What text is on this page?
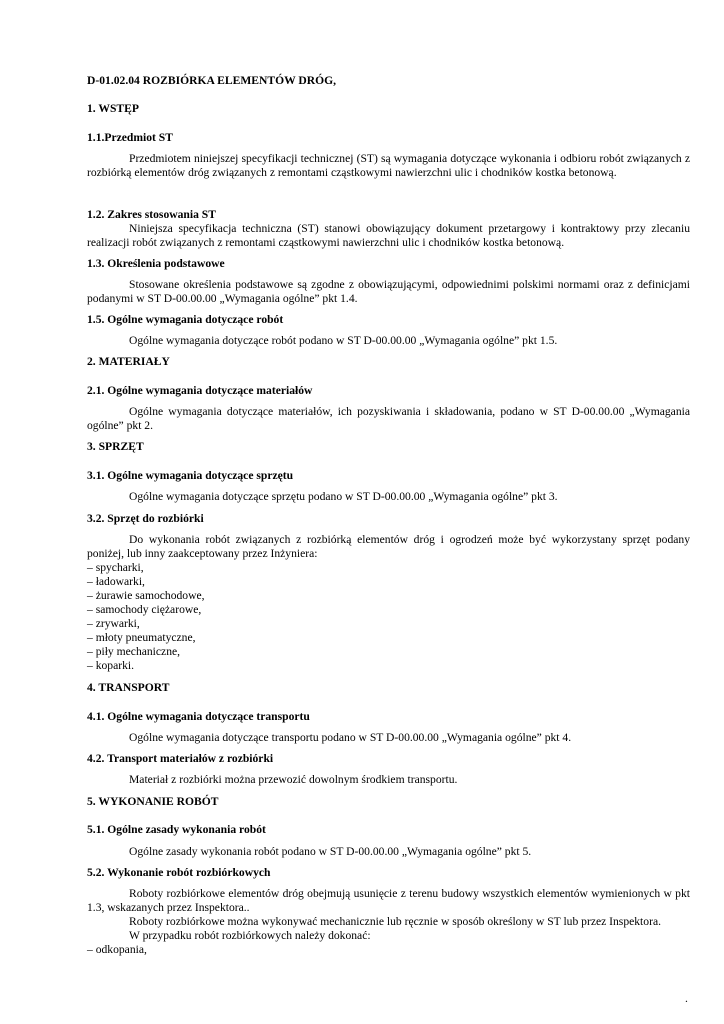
D-01.02.04 ROZBIÓRKA ELEMENTÓW DRÓG,
1. WSTĘP
1.1.Przedmiot ST
Przedmiotem niniejszej specyfikacji technicznej (ST) są wymagania dotyczące wykonania i odbioru robót związanych z rozbiórką elementów dróg związanych z remontami cząstkowymi nawierzchni ulic i chodników kostka betonową.
1.2. Zakres stosowania ST
Niniejsza specyfikacja techniczna (ST) stanowi obowiązujący dokument przetargowy i kontraktowy przy zlecaniu realizacji robót związanych z remontami cząstkowymi nawierzchni ulic i chodników kostka betonową.
1.3. Określenia podstawowe
Stosowane określenia podstawowe są zgodne z obowiązującymi, odpowiednimi polskimi normami oraz z definicjami podanymi w ST D-00.00.00 „Wymagania ogólne” pkt 1.4.
1.5. Ogólne wymagania dotyczące robót
Ogólne wymagania dotyczące robót podano w ST D-00.00.00 „Wymagania ogólne” pkt 1.5.
2. MATERIAŁY
2.1. Ogólne wymagania dotyczące materiałów
Ogólne wymagania dotyczące materiałów, ich pozyskiwania i składowania, podano w ST D-00.00.00 „Wymagania ogólne” pkt 2.
3. SPRZĘT
3.1. Ogólne wymagania dotyczące sprzętu
Ogólne wymagania dotyczące sprzętu podano w ST D-00.00.00 „Wymagania ogólne” pkt 3.
3.2. Sprzęt do rozbiórki
Do wykonania robót związanych z rozbiórką elementów dróg i ogrodzeń może być wykorzystany sprzęt podany poniżej, lub inny zaakceptowany przez Inżyniera:
– spycharki,
– ładowarki,
– żurawie samochodowe,
– samochody ciężarowe,
– zrywarki,
– młoty pneumatyczne,
– piły mechaniczne,
– koparki.
4. TRANSPORT
4.1. Ogólne wymagania dotyczące transportu
Ogólne wymagania dotyczące transportu podano w ST D-00.00.00 „Wymagania ogólne” pkt 4.
4.2. Transport materiałów z rozbiórki
Materiał z rozbiórki można przewozić dowolnym środkiem transportu.
5. WYKONANIE ROBÓT
5.1. Ogólne zasady wykonania robót
Ogólne zasady wykonania robót podano w ST D-00.00.00 „Wymagania ogólne” pkt 5.
5.2. Wykonanie robót rozbiórkowych
Roboty rozbiórkowe elementów dróg obejmują usunięcie z terenu budowy wszystkich elementów wymienionych w pkt 1.3, wskazanych przez Inspektora..
Roboty rozbiórkowe można wykonywać mechanicznie lub ręcznie w sposób określony w ST lub przez Inspektora.
W przypadku robót rozbiórkowych należy dokonać:
– odkopania,
.
